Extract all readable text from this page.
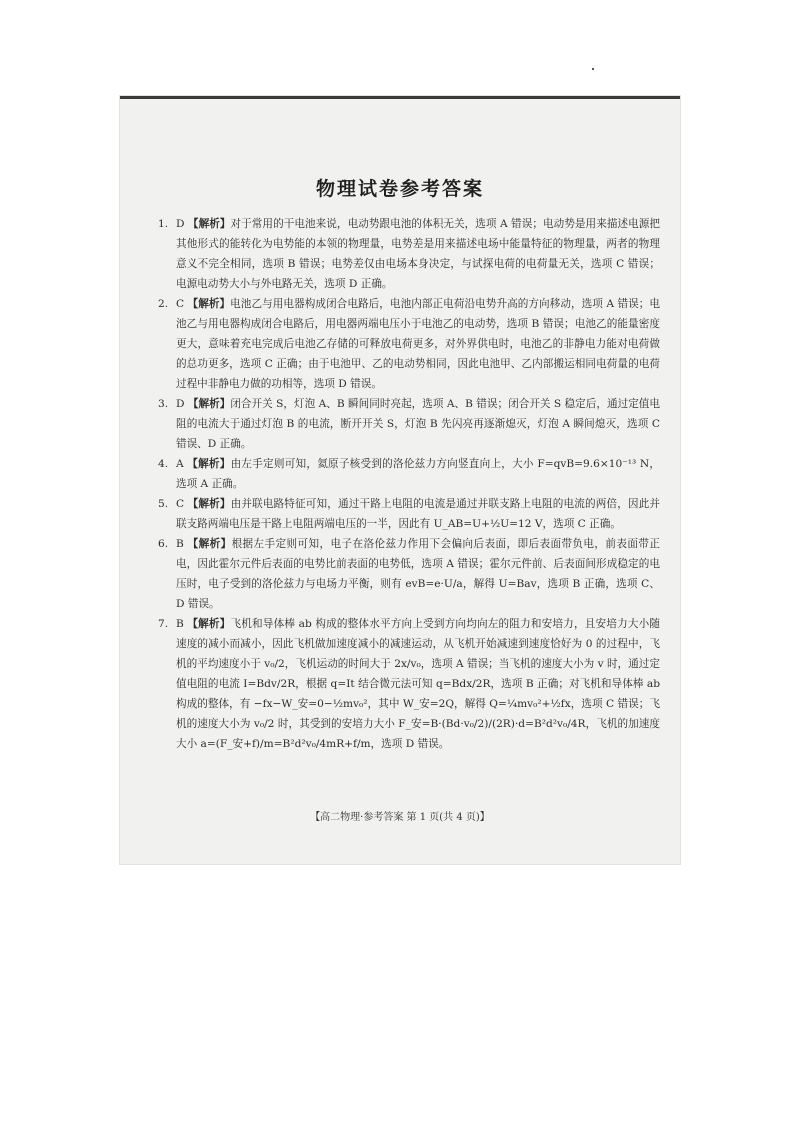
物理试卷参考答案

1. D 【解析】对于常用的干电池来说，电动势跟电池的体积无关，选项 A 错误；电动势是用来描述电源把其他形式的能转化为电势能的本领的物理量，电势差是用来描述电场中能量特征的物理量，两者的物理意义不完全相同，选项 B 错误；电势差仅由电场本身决定，与试探电荷的电荷量无关，选项 C 错误；电源电动势大小与外电路无关，选项 D 正确。

2. C 【解析】电池乙与用电器构成闭合电路后，电池内部正电荷沿电势升高的方向移动，选项 A 错误；电池乙与用电器构成闭合电路后，用电器两端电压小于电池乙的电动势，选项 B 错误；电池乙的能量密度更大，意味着充电完成后电池乙存储的可释放电荷更多，对外界供电时，电池乙的非静电力能对电荷做的总功更多，选项 C 正确；由于电池甲、乙的电动势相同，因此电池甲、乙内部搬运相同电荷量的电荷过程中非静电力做的功相等，选项 D 错误。

3. D 【解析】闭合开关 S，灯泡 A、B 瞬间同时亮起，选项 A、B 错误；闭合开关 S 稳定后，通过定值电阻的电流大于通过灯泡 B 的电流，断开开关 S，灯泡 B 先闪亮再逐渐熄灭，灯泡 A 瞬间熄灭，选项 C 错误、D 正确。

4. A 【解析】由左手定则可知，氦原子核受到的洛伦兹力方向竖直向上，大小 F=qvB=9.6×10⁻¹³ N，选项 A 正确。

5. C 【解析】由并联电路特征可知，通过干路上电阻的电流是通过并联支路上电阻的电流的两倍，因此并联支路两端电压是干路上电阻两端电压的一半，因此有 U_AB=U+½U=12 V，选项 C 正确。

6. B 【解析】根据左手定则可知，电子在洛伦兹力作用下会偏向后表面，即后表面带负电，前表面带正电，因此霍尔元件后表面的电势比前表面的电势低，选项 A 错误；霍尔元件前、后表面间形成稳定的电压时，电子受到的洛伦兹力与电场力平衡，则有 evB=e·U/a，解得 U=Bav，选项 B 正确，选项 C、D 错误。

7. B 【解析】飞机和导体棒 ab 构成的整体水平方向上受到方向均向左的阻力和安培力，且安培力大小随速度的减小而减小，因此飞机做加速度减小的减速运动，从飞机开始减速到速度恰好为 0 的过程中，飞机的平均速度小于 v₀/2，飞机运动的时间大于 2x/v₀，选项 A 错误；当飞机的速度大小为 v 时，通过定值电阻的电流 I=Bdv/2R，根据 q=It 结合微元法可知 q=Bdx/2R，选项 B 正确；对飞机和导体棒 ab 构成的整体，有 −fx−W_安=0−½mv₀²，其中 W_安=2Q，解得 Q=¼mv₀²+½fx，选项 C 错误；飞机的速度大小为 v₀/2 时，其受到的安培力大小 F_安=B·(Bd·v₀/2)/(2R)·d=B²d²v₀/4R，飞机的加速度大小 a=(F_安+f)/m=B²d²v₀/4mR+f/m，选项 D 错误。

【高二物理·参考答案 第 1 页(共 4 页)】
